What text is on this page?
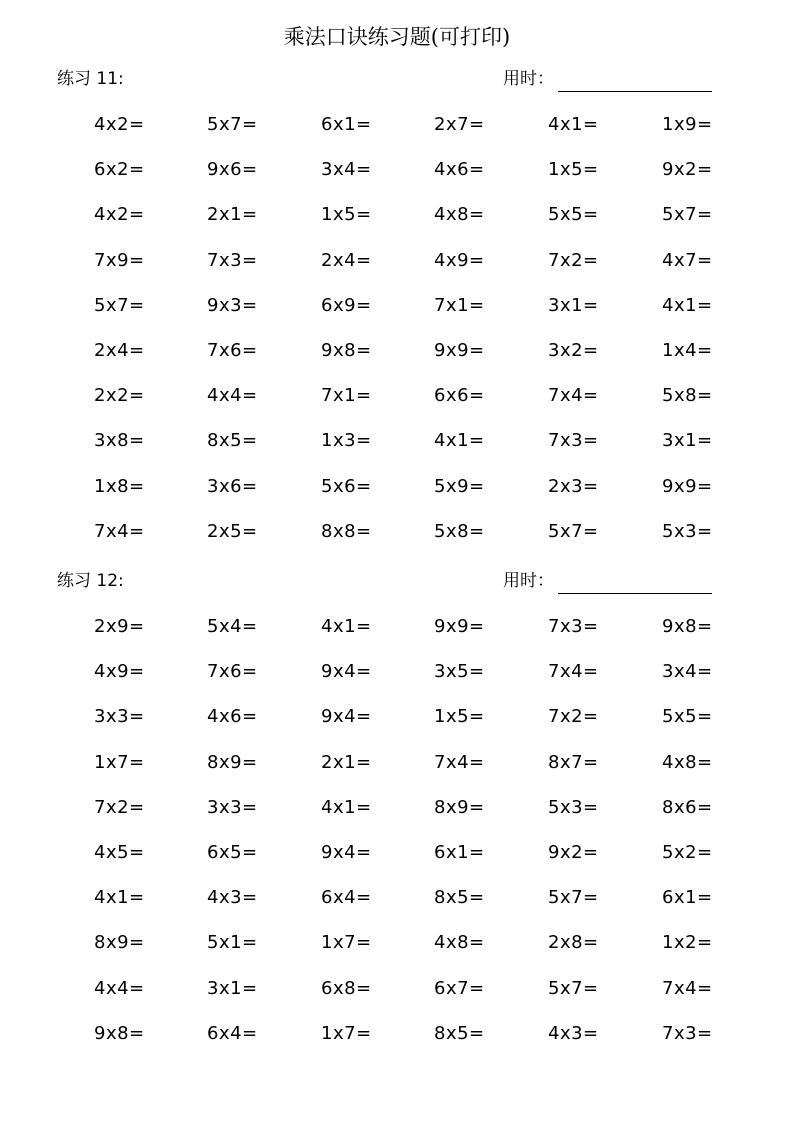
乘法口诀练习题(可打印)
练习 11:	用时：
4x2=	5x7=	6x1=	2x7=	4x1=	1x9=
6x2=	9x6=	3x4=	4x6=	1x5=	9x2=
4x2=	2x1=	1x5=	4x8=	5x5=	5x7=
7x9=	7x3=	2x4=	4x9=	7x2=	4x7=
5x7=	9x3=	6x9=	7x1=	3x1=	4x1=
2x4=	7x6=	9x8=	9x9=	3x2=	1x4=
2x2=	4x4=	7x1=	6x6=	7x4=	5x8=
3x8=	8x5=	1x3=	4x1=	7x3=	3x1=
1x8=	3x6=	5x6=	5x9=	2x3=	9x9=
7x4=	2x5=	8x8=	5x8=	5x7=	5x3=
练习 12:	用时：
2x9=	5x4=	4x1=	9x9=	7x3=	9x8=
4x9=	7x6=	9x4=	3x5=	7x4=	3x4=
3x3=	4x6=	9x4=	1x5=	7x2=	5x5=
1x7=	8x9=	2x1=	7x4=	8x7=	4x8=
7x2=	3x3=	4x1=	8x9=	5x3=	8x6=
4x5=	6x5=	9x4=	6x1=	9x2=	5x2=
4x1=	4x3=	6x4=	8x5=	5x7=	6x1=
8x9=	5x1=	1x7=	4x8=	2x8=	1x2=
4x4=	3x1=	6x8=	6x7=	5x7=	7x4=
9x8=	6x4=	1x7=	8x5=	4x3=	7x3=
